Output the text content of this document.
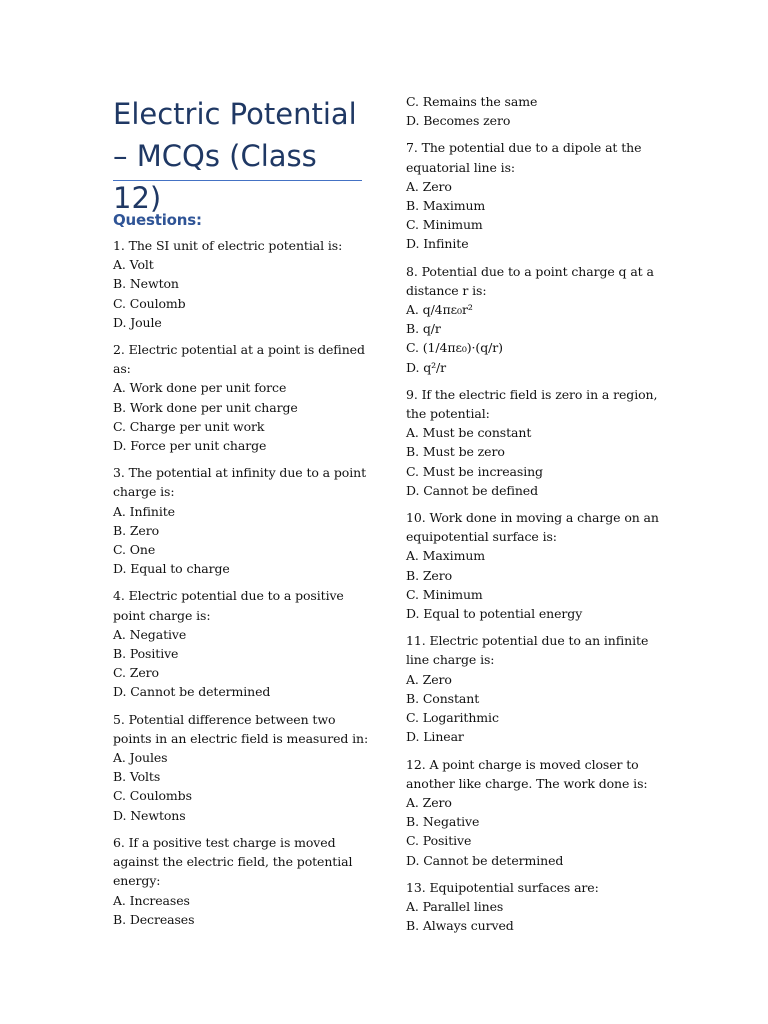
Electric Potential
– MCQs (Class 12)
Questions:
1. The SI unit of electric potential is:
A. Volt
B. Newton
C. Coulomb
D. Joule
2. Electric potential at a point is defined
as:
A. Work done per unit force
B. Work done per unit charge
C. Charge per unit work
D. Force per unit charge
3. The potential at infinity due to a point
charge is:
A. Infinite
B. Zero
C. One
D. Equal to charge
4. Electric potential due to a positive
point charge is:
A. Negative
B. Positive
C. Zero
D. Cannot be determined
5. Potential difference between two
points in an electric field is measured in:
A. Joules
B. Volts
C. Coulombs
D. Newtons
6. If a positive test charge is moved
against the electric field, the potential
energy:
A. Increases
B. Decreases
C. Remains the same
D. Becomes zero
7. The potential due to a dipole at the
equatorial line is:
A. Zero
B. Maximum
C. Minimum
D. Infinite
8. Potential due to a point charge q at a
distance r is:
A. q/4πε₀r²
B. q/r
C. (1/4πε₀)·(q/r)
D. q²/r
9. If the electric field is zero in a region,
the potential:
A. Must be constant
B. Must be zero
C. Must be increasing
D. Cannot be defined
10. Work done in moving a charge on an
equipotential surface is:
A. Maximum
B. Zero
C. Minimum
D. Equal to potential energy
11. Electric potential due to an infinite
line charge is:
A. Zero
B. Constant
C. Logarithmic
D. Linear
12. A point charge is moved closer to
another like charge. The work done is:
A. Zero
B. Negative
C. Positive
D. Cannot be determined
13. Equipotential surfaces are:
A. Parallel lines
B. Always curved
